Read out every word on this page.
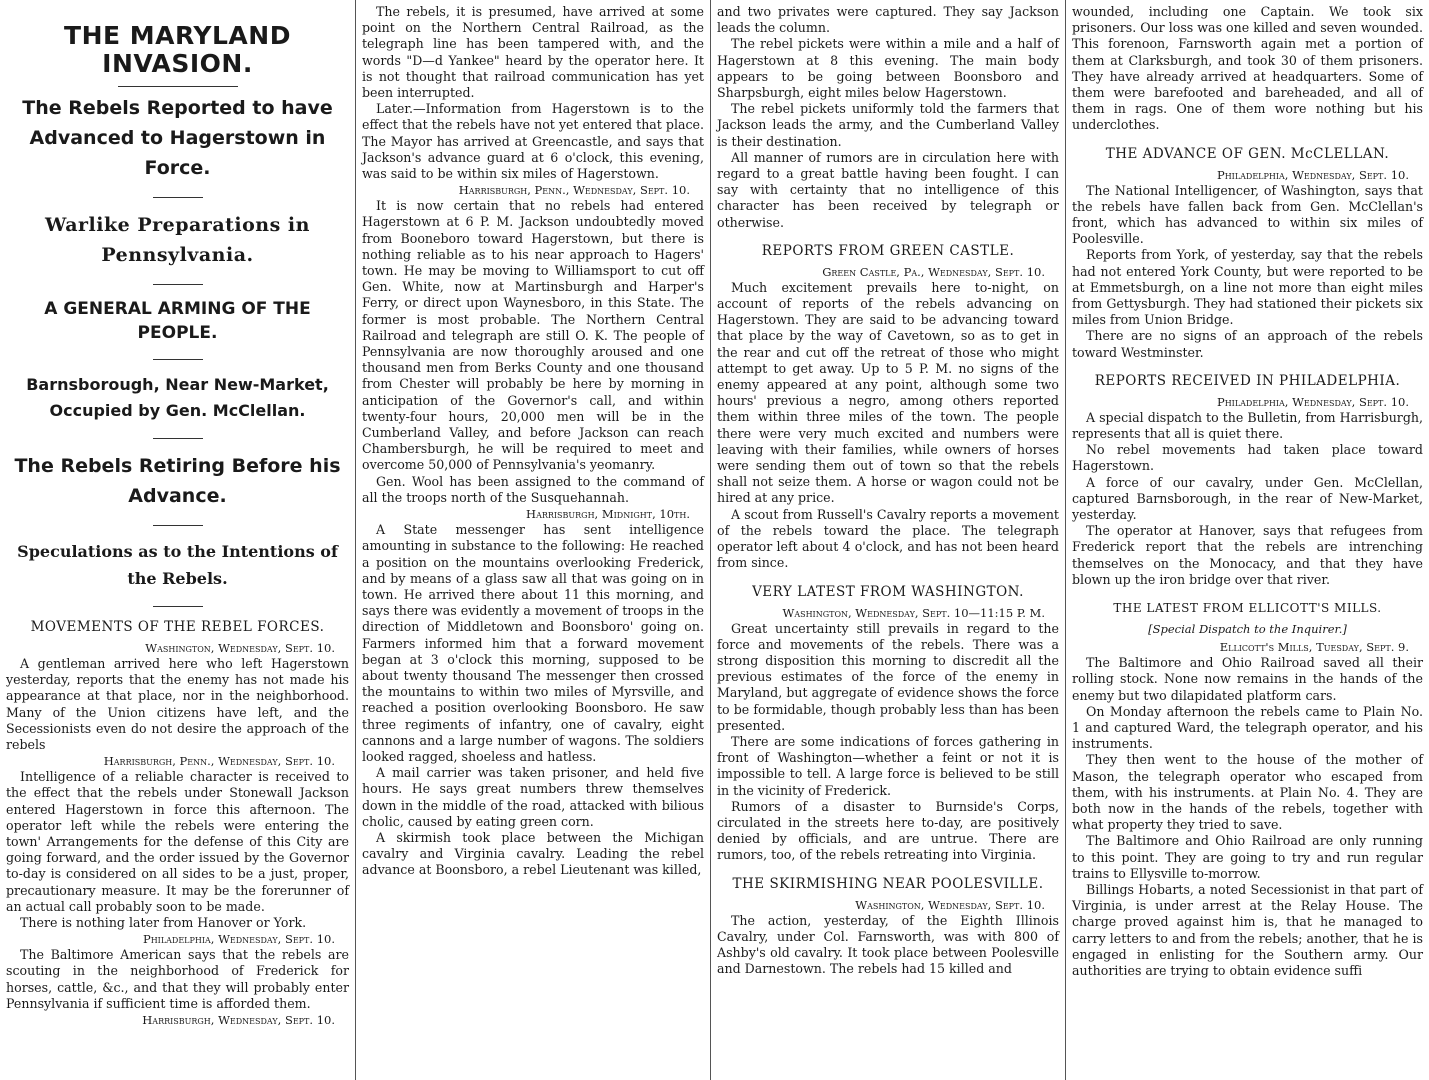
THE MARYLAND INVASION.
The Rebels Reported to have Advanced to Hagerstown in Force.
Warlike Preparations in Pennsylvania.
A GENERAL ARMING OF THE PEOPLE.
Barnsborough, Near New-Market, Occupied by Gen. McClellan.
The Rebels Retiring Before his Advance.
Speculations as to the Intentions of the Rebels.
MOVEMENTS OF THE REBEL FORCES.
Washington, Wednesday, Sept. 10.

A gentleman arrived here who left Hagerstown yesterday, reports that the enemy has not made his appearance at that place, nor in the neighborhood. Many of the Union citizens have left, and the Secessionists even do not desire the approach of the rebels

Harrisburgh, Penn., Wednesday, Sept. 10.

Intelligence of a reliable character is received to the effect that the rebels under Stonewall Jackson entered Hagerstown in force this afternoon. The operator left while the rebels were entering the town' Arrangements for the defense of this City are going forward, and the order issued by the Governor to-day is considered on all sides to be a just, proper, precautionary measure. It may be the forerunner of an actual call probably soon to be made.

There is nothing later from Hanover or York.

Philadelphia, Wednesday, Sept. 10.

The Baltimore American says that the rebels are scouting in the neighborhood of Frederick for horses, cattle, &c., and that they will probably enter Pennsylvania if sufficient time is afforded them.

Harrisburgh, Wednesday, Sept. 10.

The rebels, it is presumed, have arrived at some point on the Northern Central Railroad, as the telegraph line has been tampered with, and the words "D—d Yankee" heard by the operator here. It is not thought that railroad communication has yet been interrupted.

Later.—Information from Hagerstown is to the effect that the rebels have not yet entered that place. The Mayor has arrived at Greencastle, and says that Jackson's advance guard at 6 o'clock, this evening, was said to be within six miles of Hagerstown.

Harrisburgh, Penn., Wednesday, Sept. 10.

It is now certain that no rebels had entered Hagerstown at 6 P. M. Jackson undoubtedly moved from Booneboro toward Hagerstown, but there is nothing reliable as to his near approach to Hagers' town. He may be moving to Williamsport to cut off Gen. White, now at Martinsburgh and Harper's Ferry, or direct upon Waynesboro, in this State. The former is most probable. The Northern Central Railroad and telegraph are still O. K. The people of Pennsylvania are now thoroughly aroused and one thousand men from Berks County and one thousand from Chester will probably be here by morning in anticipation of the Governor's call, and within twenty-four hours, 20,000 men will be in the Cumberland Valley, and before Jackson can reach Chambersburgh, he will be required to meet and overcome 50,000 of Pennsylvania's yeomanry.

Gen. Wool has been assigned to the command of all the troops north of the Susquehannah.

Harrisburgh, Midnight, 10th.

A State messenger has sent intelligence amounting in substance to the following: He reached a position on the mountains overlooking Frederick, and by means of a glass saw all that was going on in town. He arrived there about 11 this morning, and says there was evidently a movement of troops in the direction of Middletown and Boonsboro' going on. Farmers informed him that a forward movement began at 3 o'clock this morning, supposed to be about twenty thousand The messenger then crossed the mountains to within two miles of Myrsville, and reached a position overlooking Boonsboro. He saw three regiments of infantry, one of cavalry, eight cannons and a large number of wagons. The soldiers looked ragged, shoeless and hatless.

A mail carrier was taken prisoner, and held five hours. He says great numbers threw themselves down in the middle of the road, attacked with bilious cholic, caused by eating green corn.

A skirmish took place between the Michigan cavalry and Virginia cavalry. Leading the rebel advance at Boonsboro, a rebel Lieutenant was killed,

and two privates were captured. They say Jackson leads the column.

The rebel pickets were within a mile and a half of Hagerstown at 8 this evening. The main body appears to be going between Boonsboro and Sharpsburgh, eight miles below Hagerstown.

The rebel pickets uniformly told the farmers that Jackson leads the army, and the Cumberland Valley is their destination.

All manner of rumors are in circulation here with regard to a great battle having been fought. I can say with certainty that no intelligence of this character has been received by telegraph or otherwise.

REPORTS FROM GREEN CASTLE.
Green Castle, Pa., Wednesday, Sept. 10.

Much excitement prevails here to-night, on account of reports of the rebels advancing on Hagerstown. They are said to be advancing toward that place by the way of Cavetown, so as to get in the rear and cut off the retreat of those who might attempt to get away. Up to 5 P. M. no signs of the enemy appeared at any point, although some two hours' previous a negro, among others reported them within three miles of the town. The people there were very much excited and numbers were leaving with their families, while owners of horses were sending them out of town so that the rebels shall not seize them. A horse or wagon could not be hired at any price.

A scout from Russell's Cavalry reports a movement of the rebels toward the place. The telegraph operator left about 4 o'clock, and has not been heard from since.

VERY LATEST FROM WASHINGTON.
Washington, Wednesday, Sept. 10—11:15 P. M.

Great uncertainty still prevails in regard to the force and movements of the rebels. There was a strong disposition this morning to discredit all the previous estimates of the force of the enemy in Maryland, but aggregate of evidence shows the force to be formidable, though probably less than has been presented.

There are some indications of forces gathering in front of Washington—whether a feint or not it is impossible to tell. A large force is believed to be still in the vicinity of Frederick.

Rumors of a disaster to Burnside's Corps, circulated in the streets here to-day, are positively denied by officials, and are untrue. There are rumors, too, of the rebels retreating into Virginia.

THE SKIRMISHING NEAR POOLESVILLE.
Washington, Wednesday, Sept. 10.

The action, yesterday, of the Eighth Illinois Cavalry, under Col. Farnsworth, was with 800 of Ashby's old cavalry. It took place between Poolesville and Darnestown. The rebels had 15 killed and

wounded, including one Captain. We took six prisoners. Our loss was one killed and seven wounded. This forenoon, Farnsworth again met a portion of them at Clarksburgh, and took 30 of them prisoners. They have already arrived at headquarters. Some of them were barefooted and bareheaded, and all of them in rags. One of them wore nothing but his underclothes.

THE ADVANCE OF GEN. McCLELLAN.
Philadelphia, Wednesday, Sept. 10.

The National Intelligencer, of Washington, says that the rebels have fallen back from Gen. McClellan's front, which has advanced to within six miles of Poolesville.

Reports from York, of yesterday, say that the rebels had not entered York County, but were reported to be at Emmetsburgh, on a line not more than eight miles from Gettysburgh. They had stationed their pickets six miles from Union Bridge.

There are no signs of an approach of the rebels toward Westminster.

REPORTS RECEIVED IN PHILADELPHIA.
Philadelphia, Wednesday, Sept. 10.

A special dispatch to the Bulletin, from Harrisburgh, represents that all is quiet there.

No rebel movements had taken place toward Hagerstown.

A force of our cavalry, under Gen. McClellan, captured Barnsborough, in the rear of New-Market, yesterday.

The operator at Hanover, says that refugees from Frederick report that the rebels are intrenching themselves on the Monocacy, and that they have blown up the iron bridge over that river.

THE LATEST FROM ELLICOTT'S MILLS.
[Special Dispatch to the Inquirer.]
Ellicott's Mills, Tuesday, Sept. 9.

The Baltimore and Ohio Railroad saved all their rolling stock. None now remains in the hands of the enemy but two dilapidated platform cars.

On Monday afternoon the rebels came to Plain No. 1 and captured Ward, the telegraph operator, and his instruments.

They then went to the house of the mother of Mason, the telegraph operator who escaped from them, with his instruments. at Plain No. 4. They are both now in the hands of the rebels, together with what property they tried to save.

The Baltimore and Ohio Railroad are only running to this point. They are going to try and run regular trains to Ellysville to-morrow.

Billings Hobarts, a noted Secessionist in that part of Virginia, is under arrest at the Relay House. The charge proved against him is, that he managed to carry letters to and from the rebels; another, that he is engaged in enlisting for the Southern army. Our authorities are trying to obtain evidence suffi
